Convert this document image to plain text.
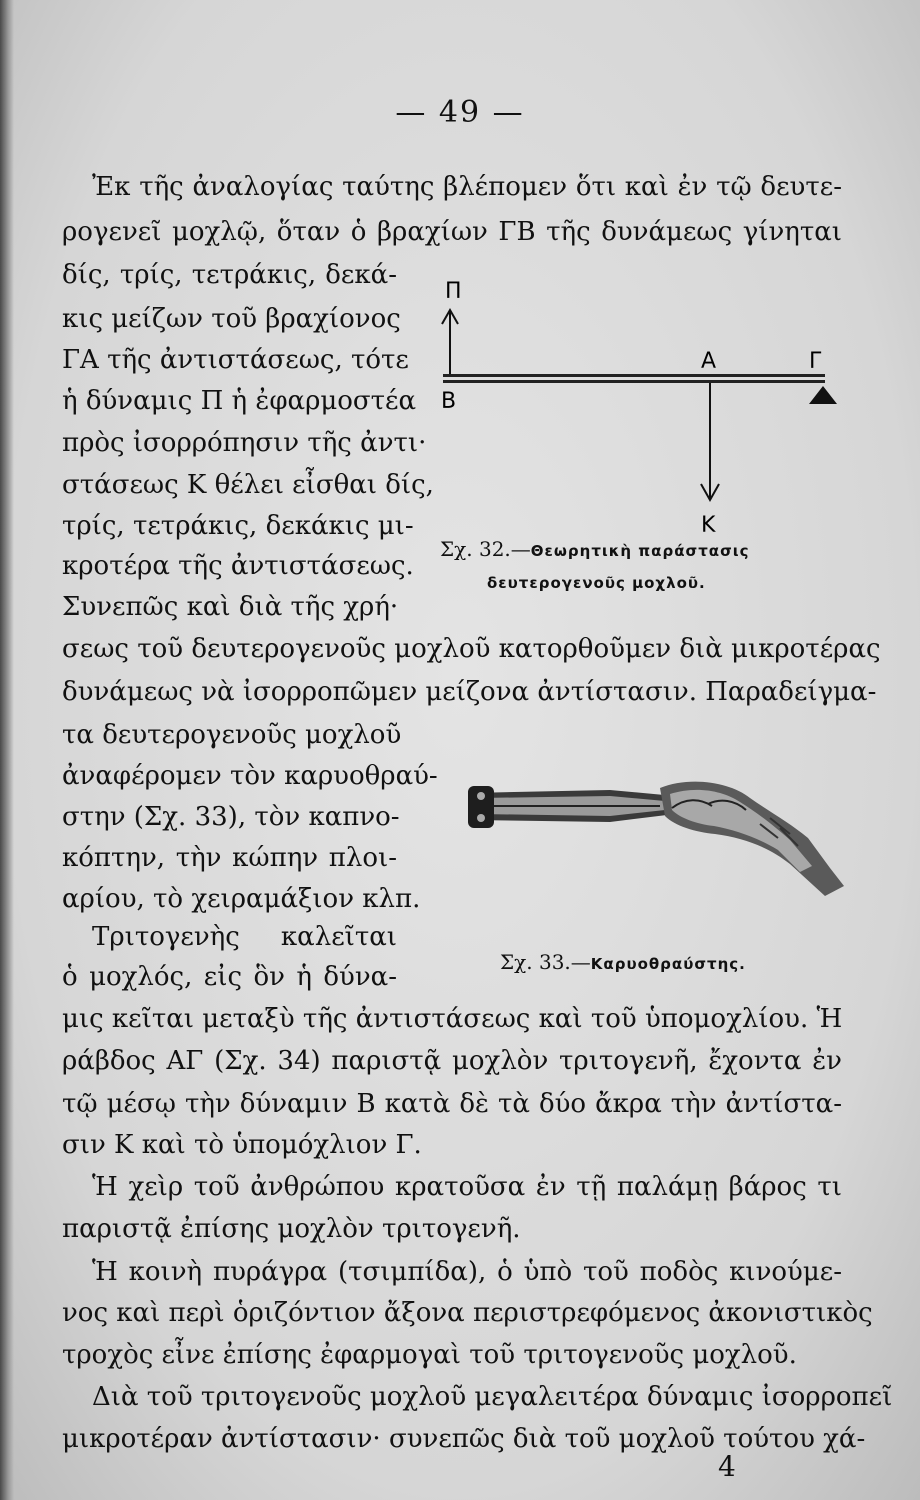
— 49 —
Ἐκ τῆς ἀναλογίας ταύτης βλέπομεν ὅτι καὶ ἐν τῷ δευτε-
ρογενεῖ μοχλῷ, ὅταν ὁ βραχίων ΓΒ τῆς δυνάμεως γίνηται
δίς, τρίς, τετράκις, δεκά-
κις μείζων τοῦ βραχίονος
ΓΑ τῆς ἀντιστάσεως, τότε
ἡ δύναμις Π ἡ ἐφαρμοστέα
πρὸς ἰσορρόπησιν τῆς ἀντι·
στάσεως Κ θέλει εἶσθαι δίς,
τρίς, τετράκις, δεκάκις μι-
κροτέρα τῆς ἀντιστάσεως.
Συνεπῶς καὶ διὰ τῆς χρή·
σεως τοῦ δευτερογενοῦς μοχλοῦ κατορθοῦμεν διὰ μικροτέρας
δυνάμεως νὰ ἰσορροπῶμεν μείζονα ἀντίστασιν. Παραδείγμα-
τα δευτερογενοῦς μοχλοῦ
ἀναφέρομεν τὸν καρυοθραύ-
στην (Σχ. 33), τὸν καπνο-
κόπτην, τὴν κώπην πλοι-
αρίου, τὸ χειραμάξιον κλπ.
Τριτογενὴς καλεῖται
ὁ μοχλός, εἰς ὃν ἡ δύνα-
μις κεῖται μεταξὺ τῆς ἀντιστάσεως καὶ τοῦ ὑπομοχλίου. Ἡ
ράβδος ΑΓ (Σχ. 34) παριστᾷ μοχλὸν τριτογενῆ, ἔχοντα ἐν
τῷ μέσῳ τὴν δύναμιν Β κατὰ δὲ τὰ δύο ἄκρα τὴν ἀντίστα-
σιν Κ καὶ τὸ ὑπομόχλιον Γ.
Ἡ χεὶρ τοῦ ἀνθρώπου κρατοῦσα ἐν τῇ παλάμῃ βάρος τι
παριστᾷ ἐπίσης μοχλὸν τριτογενῆ.
Ἡ κοινὴ πυράγρα (τσιμπίδα), ὁ ὑπὸ τοῦ ποδὸς κινούμε-
νος καὶ περὶ ὁριζόντιον ἄξονα περιστρεφόμενος ἀκονιστικὸς
τροχὸς εἶνε ἐπίσης ἐφαρμογαὶ τοῦ τριτογενοῦς μοχλοῦ.
Διὰ τοῦ τριτογενοῦς μοχλοῦ μεγαλειτέρα δύναμις ἰσορροπεῖ
μικροτέραν ἀντίστασιν· συνεπῶς διὰ τοῦ μοχλοῦ τούτου χά-
Π
Α	Γ
Β
Κ
Σχ. 32.—Θεωρητικὴ παράστασις
δευτερογενοῦς μοχλοῦ.
Σχ. 33.—Καρυοθραύστης.
4
